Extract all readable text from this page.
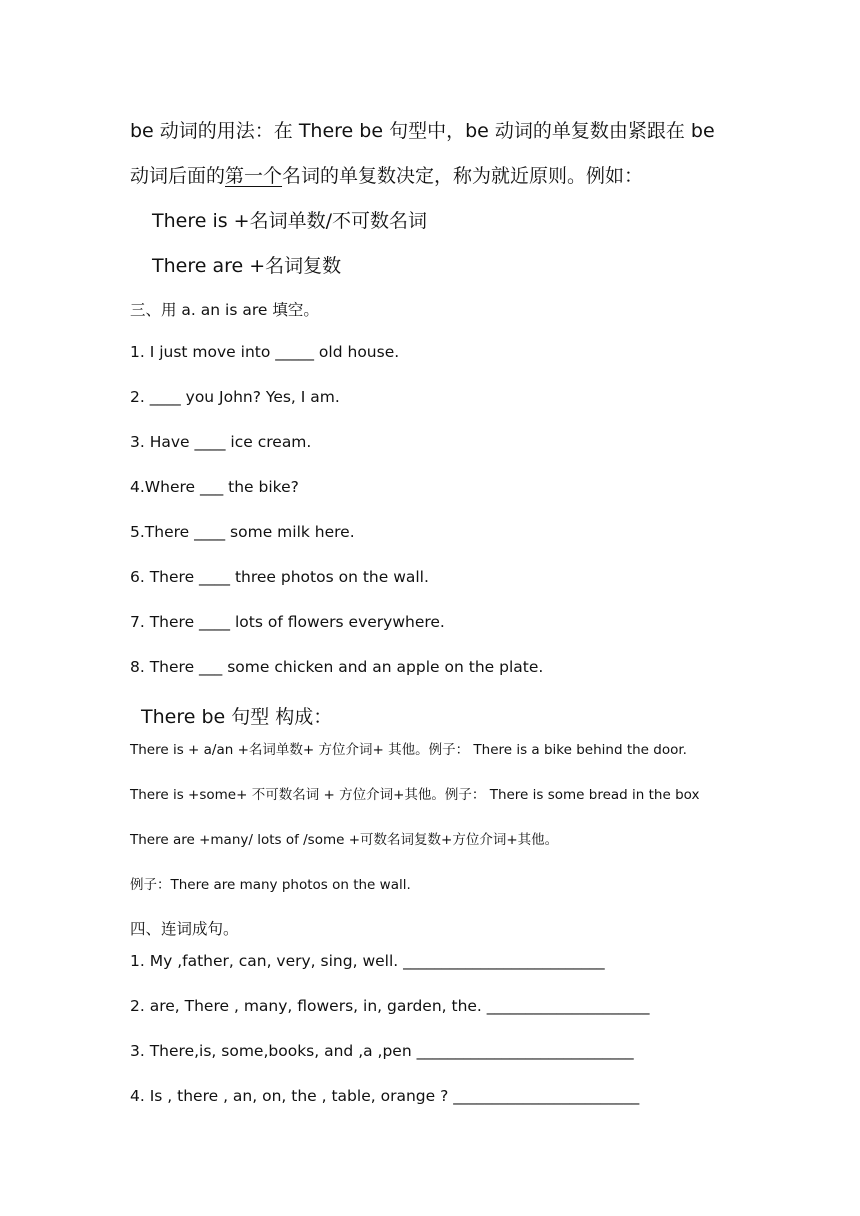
be 动词的用法：在 There be 句型中，be 动词的单复数由紧跟在 be
动词后面的第一个名词的单复数决定，称为就近原则。例如：
There is +名词单数/不可数名词
There are +名词复数
三、用 a. an is are 填空。
1. I just move into _____ old house.
2. ____ you John? Yes, I am.
3. Have ____ ice cream.
4.Where ___ the bike?
5.There ____ some milk here.
6. There ____ three photos on the wall.
7. There ____ lots of flowers everywhere.
8. There ___ some chicken and an apple on the plate.
There be 句型 构成：
There is + a/an +名词单数+ 方位介词+ 其他。例子： There is a bike behind the door.
There is +some+ 不可数名词 + 方位介词+其他。例子： There is some bread in the box
There are +many/ lots of /some +可数名词复数+方位介词+其他。
例子：There are many photos on the wall.
四、连词成句。
1. My ,father, can, very, sing, well. __________________________
2. are, There , many, flowers, in, garden, the. _____________________
3. There,is, some,books, and ,a ,pen ____________________________
4. Is , there , an, on, the , table, orange ? ________________________
